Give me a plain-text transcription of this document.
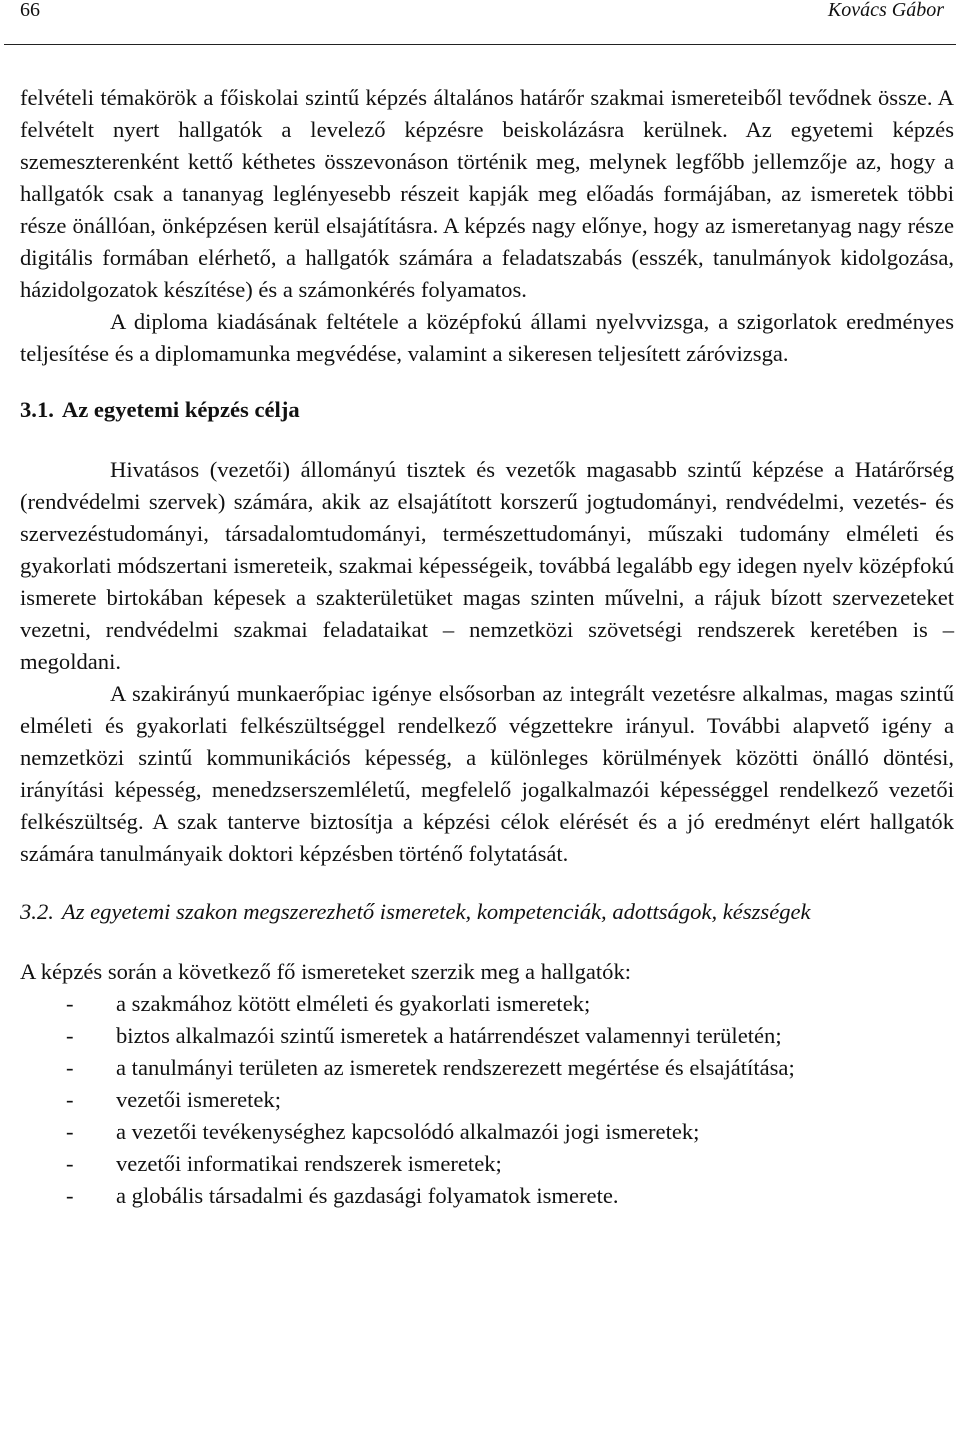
66	Kovács Gábor

felvételi témakörök a főiskolai szintű képzés általános határőr szakmai ismereteiből tevődnek össze. A felvételt nyert hallgatók a levelező képzésre beiskolázásra kerülnek. Az egyetemi képzés szemeszterenként kettő kéthetes összevonáson történik meg, melynek legfőbb jellemzője az, hogy a hallgatók csak a tananyag leglényesebb részeit kapják meg előadás formájában, az ismeretek többi része önállóan, önképzésen kerül elsajátításra. A képzés nagy előnye, hogy az ismeretanyag nagy része digitális formában elérhető, a hallgatók számára a feladatszabás (esszék, tanulmányok kidolgozása, házidolgozatok készítése) és a számonkérés folyamatos.

A diploma kiadásának feltétele a középfokú állami nyelvvizsga, a szigorlatok eredményes teljesítése és a diplomamunka megvédése, valamint a sikeresen teljesített záróvizsga.

3.1. Az egyetemi képzés célja

Hivatásos (vezetői) állományú tisztek és vezetők magasabb szintű képzése a Határőrség (rendvédelmi szervek) számára, akik az elsajátított korszerű jogtudományi, rendvédelmi, vezetés- és szervezéstudományi, társadalomtudományi, természettudományi, műszaki tudomány elméleti és gyakorlati módszertani ismereteik, szakmai képességeik, továbbá legalább egy idegen nyelv középfokú ismerete birtokában képesek a szakterületüket magas szinten művelni, a rájuk bízott szervezeteket vezetni, rendvédelmi szakmai feladataikat – nemzetközi szövetségi rendszerek keretében is – megoldani.

A szakirányú munkaerőpiac igénye elsősorban az integrált vezetésre alkalmas, magas szintű elméleti és gyakorlati felkészültséggel rendelkező végzettekre irányul. További alapvető igény a nemzetközi szintű kommunikációs képesség, a különleges körülmények közötti önálló döntési, irányítási képesség, menedzserszemléletű, megfelelő jogalkalmazói képességgel rendelkező vezetői felkészültség. A szak tanterve biztosítja a képzési célok elérését és a jó eredményt elért hallgatók számára tanulmányaik doktori képzésben történő folytatását.

3.2. Az egyetemi szakon megszerezhető ismeretek, kompetenciák, adottságok, készségek

A képzés során a következő fő ismereteket szerzik meg a hallgatók:

- a szakmához kötött elméleti és gyakorlati ismeretek;
- biztos alkalmazói szintű ismeretek a határrendészet valamennyi területén;
- a tanulmányi területen az ismeretek rendszerezett megértése és elsajátítása;
- vezetői ismeretek;
- a vezetői tevékenységhez kapcsolódó alkalmazói jogi ismeretek;
- vezetői informatikai rendszerek ismeretek;
- a globális társadalmi és gazdasági folyamatok ismerete.
